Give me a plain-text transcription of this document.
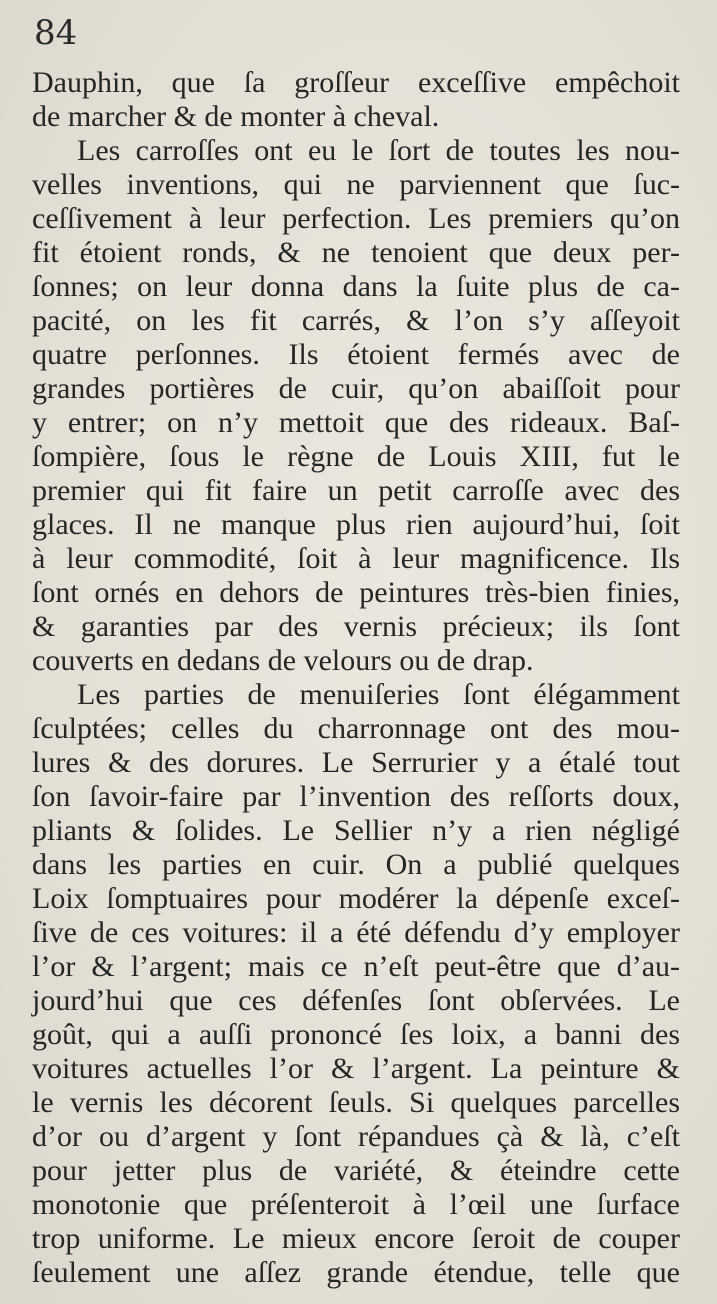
84
Dauphin, que ſa groſſeur exceſſive empêchoit
de marcher & de monter à cheval.
Les carroſſes ont eu le ſort de toutes les nou-
velles inventions, qui ne parviennent que ſuc-
ceſſivement à leur perfection. Les premiers qu’on
fit étoient ronds, & ne tenoient que deux per-
ſonnes; on leur donna dans la ſuite plus de ca-
pacité, on les fit carrés, & l’on s’y aſſeyoit
quatre perſonnes. Ils étoient fermés avec de
grandes portières de cuir, qu’on abaiſſoit pour
y entrer; on n’y mettoit que des rideaux. Baſ-
ſompière, ſous le règne de Louis XIII, fut le
premier qui fit faire un petit carroſſe avec des
glaces. Il ne manque plus rien aujourd’hui, ſoit
à leur commodité, ſoit à leur magnificence. Ils
ſont ornés en dehors de peintures très-bien finies,
& garanties par des vernis précieux; ils ſont
couverts en dedans de velours ou de drap.
Les parties de menuiſeries ſont élégamment
ſculptées; celles du charronnage ont des mou-
lures & des dorures. Le Serrurier y a étalé tout
ſon ſavoir-faire par l’invention des reſſorts doux,
pliants & ſolides. Le Sellier n’y a rien négligé
dans les parties en cuir. On a publié quelques
Loix ſomptuaires pour modérer la dépenſe exceſ-
ſive de ces voitures: il a été défendu d’y employer
l’or & l’argent; mais ce n’eſt peut-être que d’au-
jourd’hui que ces défenſes ſont obſervées. Le
goût, qui a auſſi prononcé ſes loix, a banni des
voitures actuelles l’or & l’argent. La peinture &
le vernis les décorent ſeuls. Si quelques parcelles
d’or ou d’argent y ſont répandues çà & là, c’eſt
pour jetter plus de variété, & éteindre cette
monotonie que préſenteroit à l’œil une ſurface
trop uniforme. Le mieux encore ſeroit de couper
ſeulement une aſſez grande étendue, telle que
